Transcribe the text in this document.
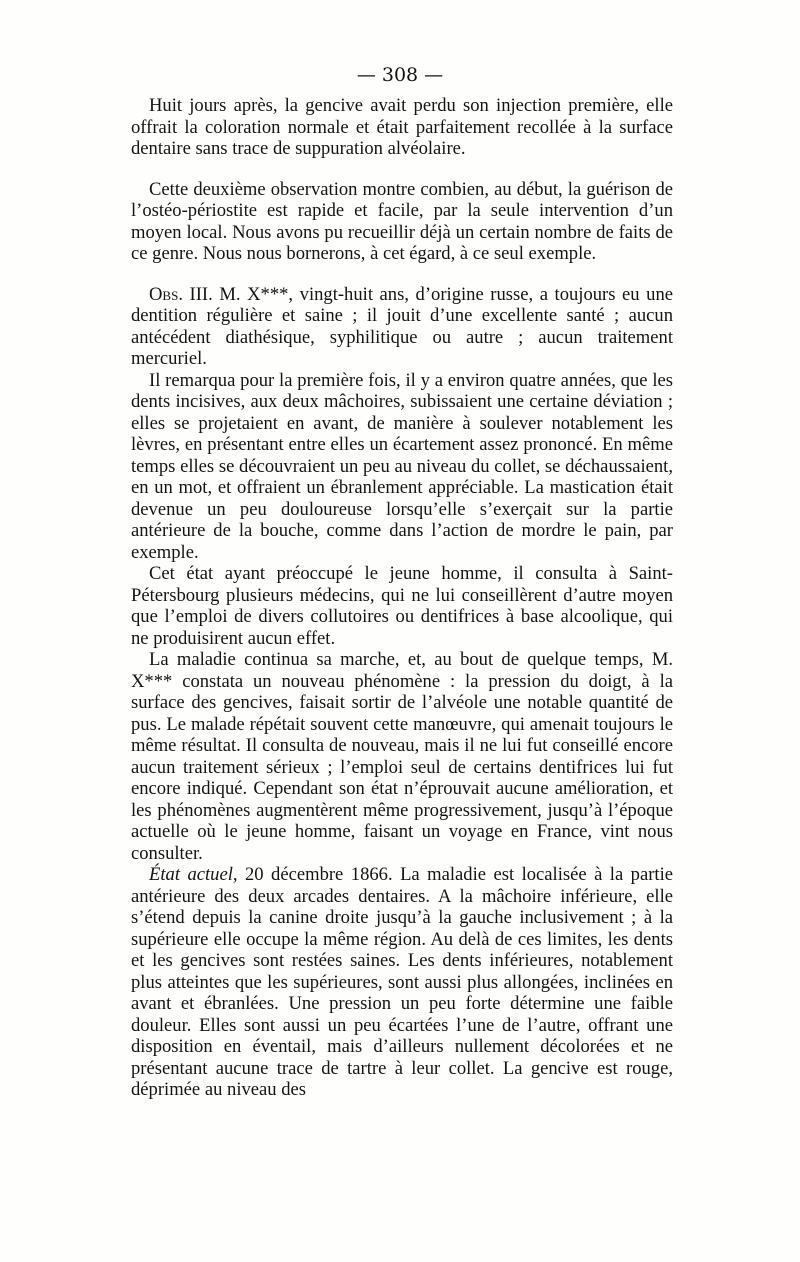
— 308 —

Huit jours après, la gencive avait perdu son injection première, elle offrait la coloration normale et était parfaitement recollée à la surface dentaire sans trace de suppuration alvéolaire.

Cette deuxième observation montre combien, au début, la guérison de l’ostéo-périostite est rapide et facile, par la seule intervention d’un moyen local. Nous avons pu recueillir déjà un certain nombre de faits de ce genre. Nous nous bornerons, à cet égard, à ce seul exemple.

Obs. III. M. X***, vingt-huit ans, d’origine russe, a toujours eu une dentition régulière et saine ; il jouit d’une excellente santé ; aucun antécédent diathésique, syphilitique ou autre ; aucun traitement mercuriel.

Il remarqua pour la première fois, il y a environ quatre années, que les dents incisives, aux deux mâchoires, subissaient une certaine déviation ; elles se projetaient en avant, de manière à soulever notablement les lèvres, en présentant entre elles un écartement assez prononcé. En même temps elles se découvraient un peu au niveau du collet, se déchaussaient, en un mot, et offraient un ébranlement appréciable. La mastication était devenue un peu douloureuse lorsqu’elle s’exerçait sur la partie antérieure de la bouche, comme dans l’action de mordre le pain, par exemple.

Cet état ayant préoccupé le jeune homme, il consulta à Saint-Pétersbourg plusieurs médecins, qui ne lui conseillèrent d’autre moyen que l’emploi de divers collutoires ou dentifrices à base alcoolique, qui ne produisirent aucun effet.

La maladie continua sa marche, et, au bout de quelque temps, M. X*** constata un nouveau phénomène : la pression du doigt, à la surface des gencives, faisait sortir de l’alvéole une notable quantité de pus. Le malade répétait souvent cette manœuvre, qui amenait toujours le même résultat. Il consulta de nouveau, mais il ne lui fut conseillé encore aucun traitement sérieux ; l’emploi seul de certains dentifrices lui fut encore indiqué. Cependant son état n’éprouvait aucune amélioration, et les phénomènes augmentèrent même progressivement, jusqu’à l’époque actuelle où le jeune homme, faisant un voyage en France, vint nous consulter.

État actuel, 20 décembre 1866. La maladie est localisée à la partie antérieure des deux arcades dentaires. A la mâchoire inférieure, elle s’étend depuis la canine droite jusqu’à la gauche inclusivement ; à la supérieure elle occupe la même région. Au delà de ces limites, les dents et les gencives sont restées saines. Les dents inférieures, notablement plus atteintes que les supérieures, sont aussi plus allongées, inclinées en avant et ébranlées. Une pression un peu forte détermine une faible douleur. Elles sont aussi un peu écartées l’une de l’autre, offrant une disposition en éventail, mais d’ailleurs nullement décolorées et ne présentant aucune trace de tartre à leur collet. La gencive est rouge, déprimée au niveau des
